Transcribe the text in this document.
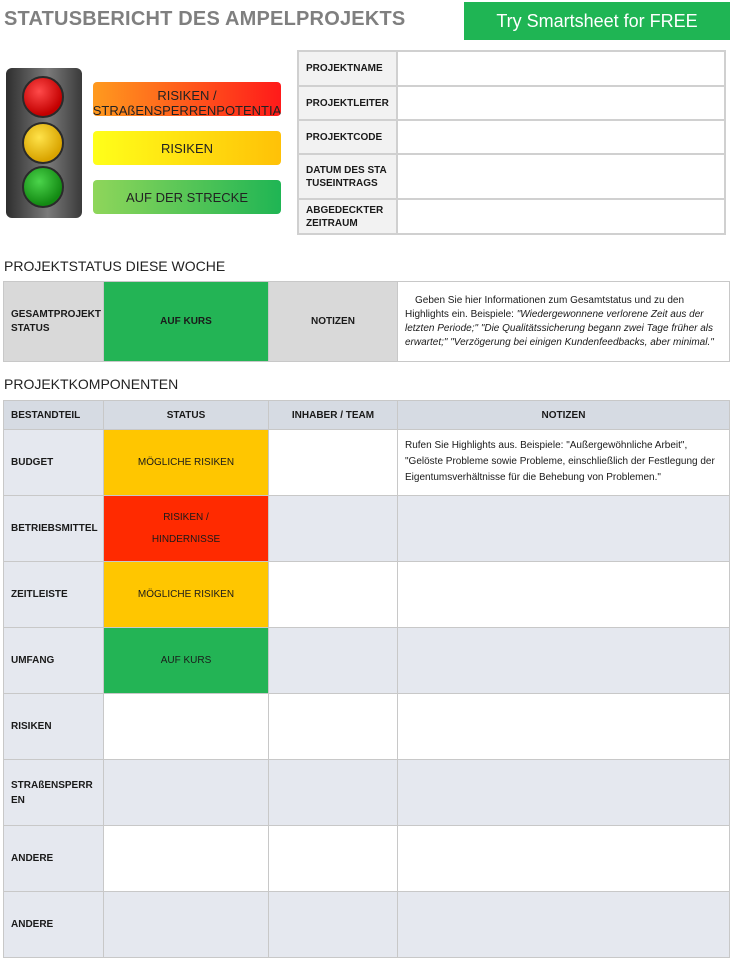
STATUSBERICHT DES AMPELPROJEKTS	Try Smartsheet for FREE
RISIKEN / STRAßENSPERRENPOTENTIA
RISIKEN
AUF DER STRECKE
PROJEKTNAME	
PROJEKTLEITER	
PROJEKTCODE	
DATUM DES STATUSEINTRAGS	
ABGEDECKTER ZEITRAUM	
PROJEKTSTATUS DIESE WOCHE
GESAMTPROJEKT STATUS	AUF KURS	NOTIZEN	Geben Sie hier Informationen zum Gesamtstatus und zu den Highlights ein. Beispiele: "Wiedergewonnene verlorene Zeit aus der letzten Periode;" "Die Qualitätssicherung begann zwei Tage früher als erwartet;" "Verzögerung bei einigen Kundenfeedbacks, aber minimal."
PROJEKTKOMPONENTEN
BESTANDTEIL	STATUS	INHABER / TEAM	NOTIZEN
BUDGET	MÖGLICHE RISIKEN		Rufen Sie Highlights aus. Beispiele: "Außergewöhnliche Arbeit", "Gelöste Probleme sowie Probleme, einschließlich der Festlegung der Eigentumsverhältnisse für die Behebung von Problemen."
BETRIEBSMITTEL	RISIKEN / HINDERNISSE		
ZEITLEISTE	MÖGLICHE RISIKEN		
UMFANG	AUF KURS		
RISIKEN			
STRAßENSPERREN			
ANDERE			
ANDERE			
